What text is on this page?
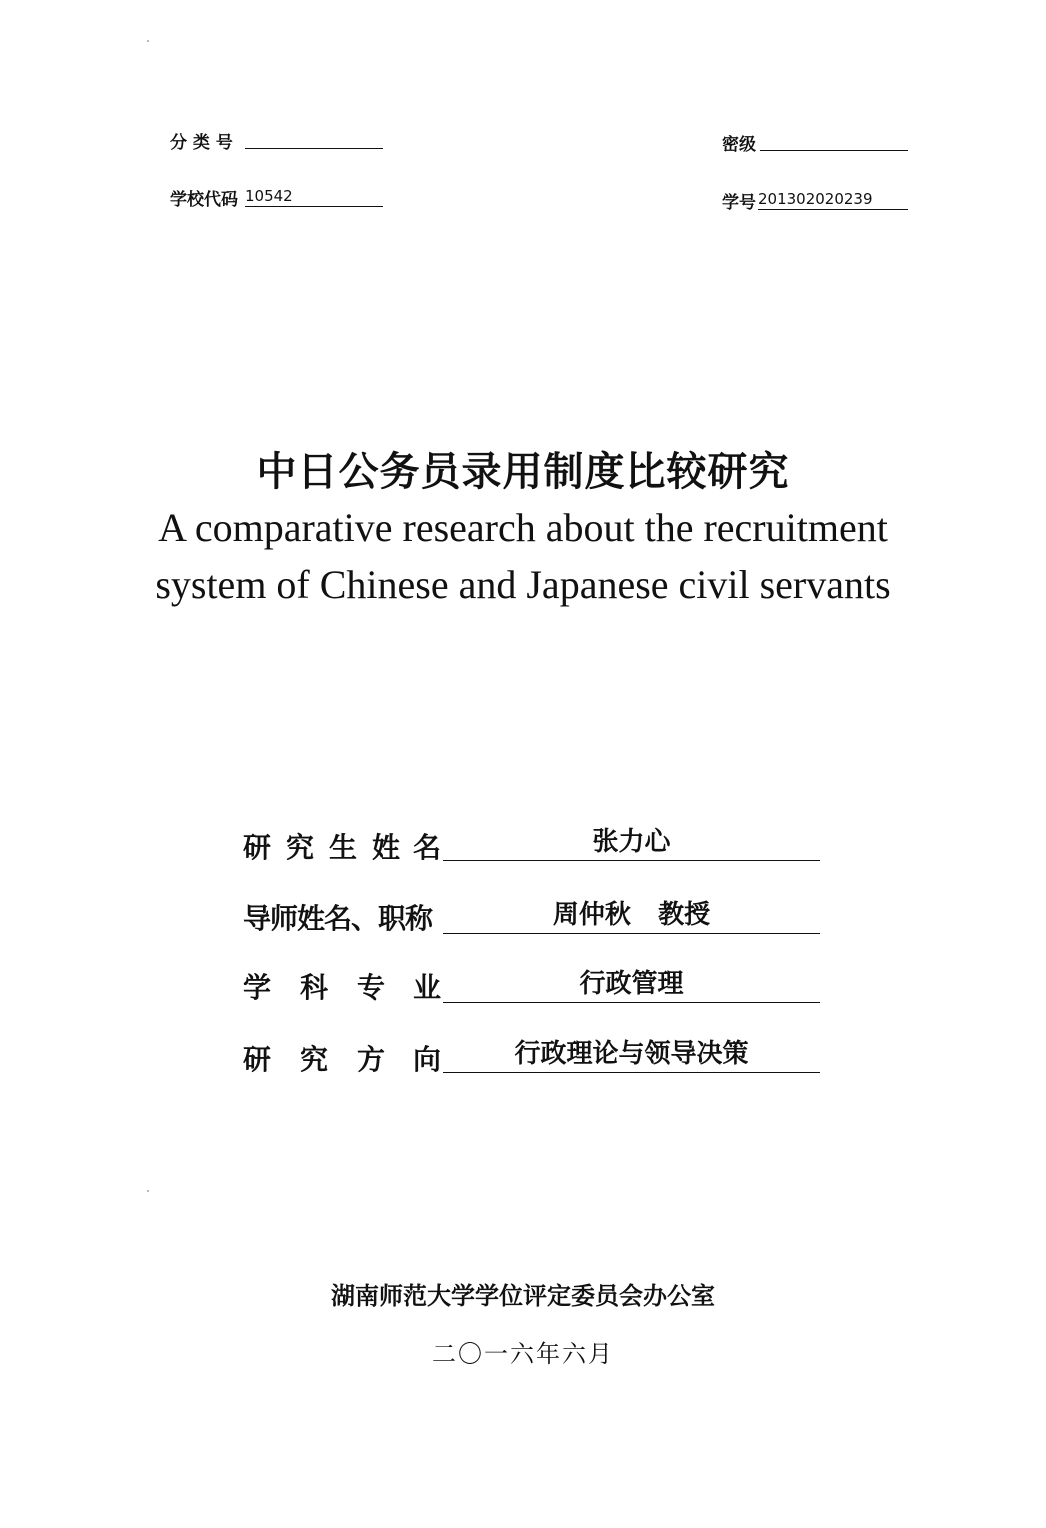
分 类 号	密级
学校代码 10542	学号 201302020239
中日公务员录用制度比较研究
A comparative research about the recruitment
system of Chinese and Japanese civil servants
研 究 生 姓 名	张力心
导师姓名、职称	周仲秋   教授
学 科 专 业	行政管理
研 究 方 向	行政理论与领导决策
湖南师范大学学位评定委员会办公室
二〇一六年六月
